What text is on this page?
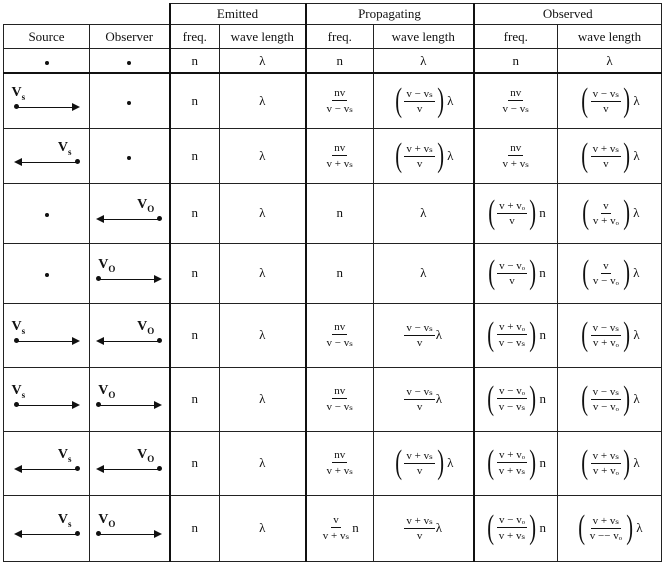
		Emitted		Propagating		Observed	
Source	Observer	freq.	wave length	freq.	wave length	freq.	wave length
		n	λ	n	λ	n	λ

$V_s$		n	λ	$\frac{nv}{\text{v − vₛ}}$	( $\frac{\text{v − vₛ}}{v}$ ) λ	$\frac{nv}{\text{v − vₛ}}$	( $\frac{\text{v − vₛ}}{v}$ ) λ

$V_s$		n	λ	$\frac{nv}{\text{v + vₛ}}$	( $\frac{\text{v + vₛ}}{v}$ ) λ	$\frac{nv}{\text{v + vₛ}}$	( $\frac{\text{v + vₛ}}{v}$ ) λ

	$V_O$	n	λ	n	λ	( $\frac{\text{v + vₒ}}{v}$ ) n	( $\frac{v}{\text{v + vₒ}}$ ) λ

	$V_O$	n	λ	n	λ	( $\frac{\text{v − vₒ}}{v}$ ) n	( $\frac{v}{\text{v − vₒ}}$ ) λ

$V_s$	$V_O$	n	λ	$\frac{nv}{\text{v − vₛ}}$	$\frac{\text{v − vₛ}}{v}$ λ	( $\frac{\text{v + vₒ}}{\text{v − vₛ}}$ ) n	( $\frac{\text{v − vₛ}}{\text{v + vₒ}}$ ) λ

$V_s$	$V_O$	n	λ	$\frac{nv}{\text{v − vₛ}}$	$\frac{\text{v − vₛ}}{v}$ λ	( $\frac{\text{v − vₒ}}{\text{v − vₛ}}$ ) n	( $\frac{\text{v − vₛ}}{\text{v − vₒ}}$ ) λ

$V_s$	$V_O$	n	λ	$\frac{nv}{\text{v + vₛ}}$	( $\frac{\text{v + vₛ}}{v}$ ) λ	( $\frac{\text{v + vₒ}}{\text{v + vₛ}}$ ) n	( $\frac{\text{v + vₛ}}{\text{v + vₒ}}$ ) λ

$V_s$	$V_O$	n	λ	$\frac{v}{\text{v + vₛ}}$ n	$\frac{\text{v + vₛ}}{v}$ λ	( $\frac{\text{v − vₒ}}{\text{v + vₛ}}$ ) n	( $\frac{\text{v + vₛ}}{\text{v −− vₒ}}$ ) λ
